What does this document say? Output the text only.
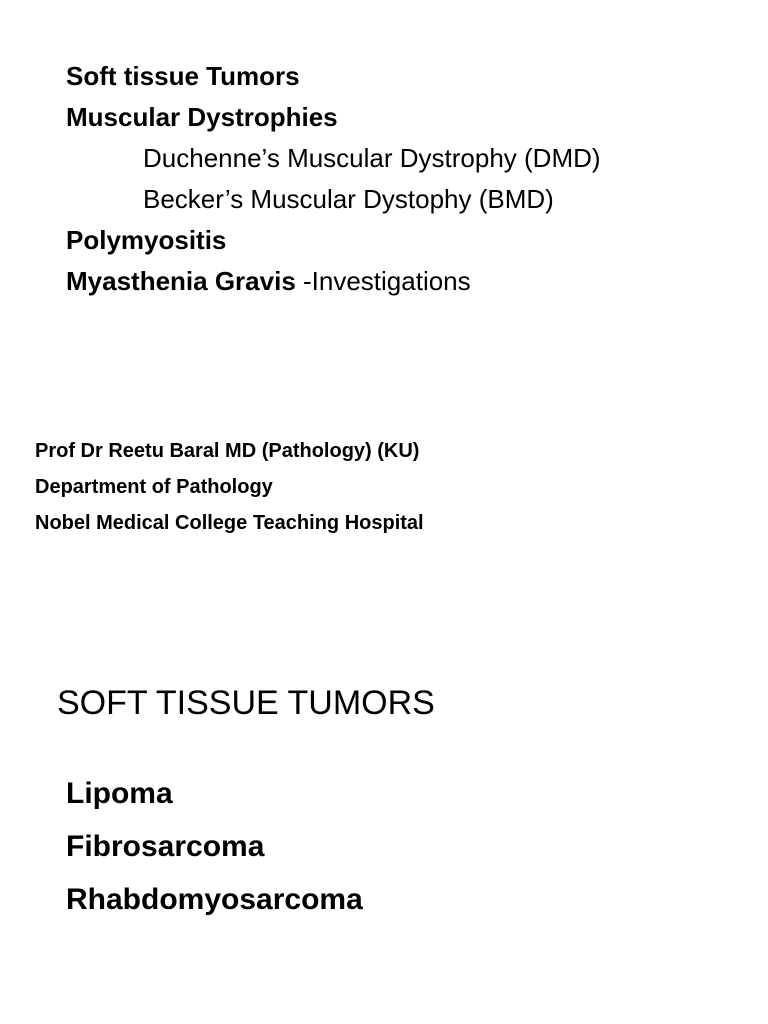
Soft tissue Tumors
Muscular Dystrophies
Duchenne’s Muscular Dystrophy (DMD)
Becker’s Muscular Dystophy (BMD)
Polymyositis
Myasthenia Gravis -Investigations
Prof Dr Reetu Baral MD (Pathology) (KU)
Department of Pathology
Nobel Medical College Teaching Hospital
SOFT TISSUE TUMORS
Lipoma
Fibrosarcoma
Rhabdomyosarcoma
